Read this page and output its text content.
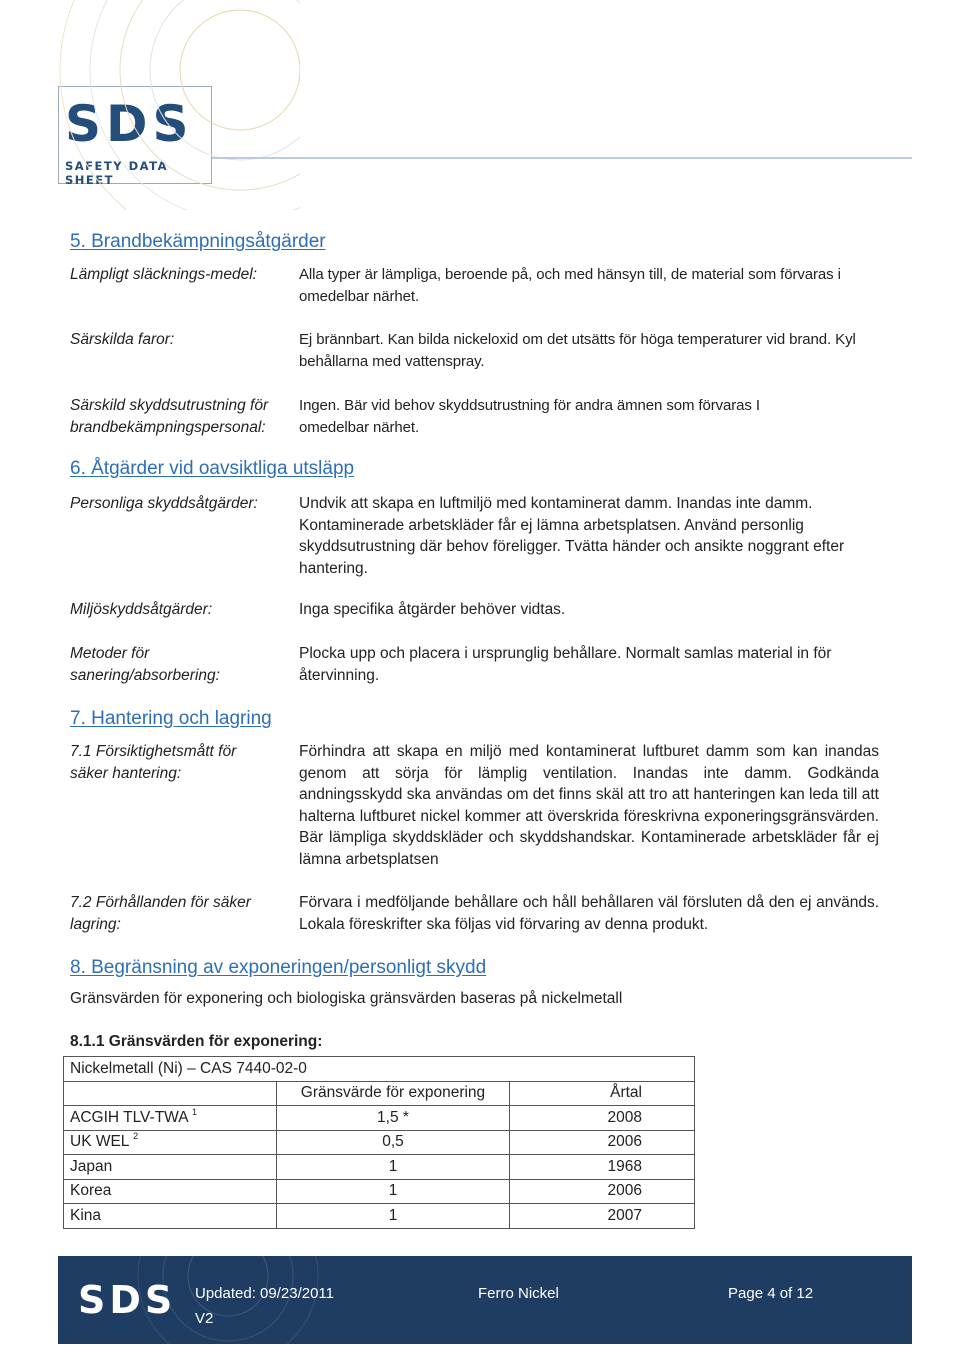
SDS
SAFETY DATA SHEET
5. Brandbekämpningsåtgärder
Lämpligt släcknings-medel:	Alla typer är lämpliga, beroende på, och med hänsyn till, de material som förvaras i omedelbar närhet.
Särskilda faror:	Ej brännbart. Kan bilda nickeloxid om det utsätts för höga temperaturer vid brand. Kyl behållarna med vattenspray.
Särskild skyddsutrustning för brandbekämpningspersonal:
Ingen. Bär vid behov skyddsutrustning för andra ämnen som förvaras I omedelbar närhet.
6. Åtgärder vid oavsiktliga utsläpp
Personliga skyddsåtgärder:	Undvik att skapa en luftmiljö med kontaminerat damm. Inandas inte damm. Kontaminerade arbetskläder får ej lämna arbetsplatsen. Använd personlig skyddsutrustning där behov föreligger. Tvätta händer och ansikte noggrant efter hantering.
Miljöskyddsåtgärder:	Inga specifika åtgärder behöver vidtas.
Metoder för sanering/absorbering:
Plocka upp och placera i ursprunglig behållare. Normalt samlas material in för återvinning.
7. Hantering och lagring
7.1 Försiktighetsmått för säker hantering:
Förhindra att skapa en miljö med kontaminerat luftburet damm som kan inandas genom att sörja för lämplig ventilation. Inandas inte damm. Godkända andningsskydd ska användas om det finns skäl att tro att hanteringen kan leda till att halterna luftburet nickel kommer att överskrida föreskrivna exponeringsgränsvärden. Bär lämpliga skyddskläder och skyddshandskar. Kontaminerade arbetskläder får ej lämna arbetsplatsen
7.2 Förhållanden för säker lagring:
Förvara i medföljande behållare och håll behållaren väl försluten då den ej används. Lokala föreskrifter ska följas vid förvaring av denna produkt.
8. Begränsning av exponeringen/personligt skydd
Gränsvärden för exponering och biologiska gränsvärden baseras på nickelmetall
8.1.1 Gränsvärden för exponering:
Nickelmetall (Ni) – CAS 7440-02-0		
	Gränsvärde för exponering	Årtal
ACGIH TLV-TWA $^1$	1,5 *	2008
UK WEL $^2$	0,5	2006
Japan	1	1968
Korea	1	2006
Kina	1	2007
SDS Updated: 09/23/2011
V2
Ferro Nickel	Page 4 of 12
